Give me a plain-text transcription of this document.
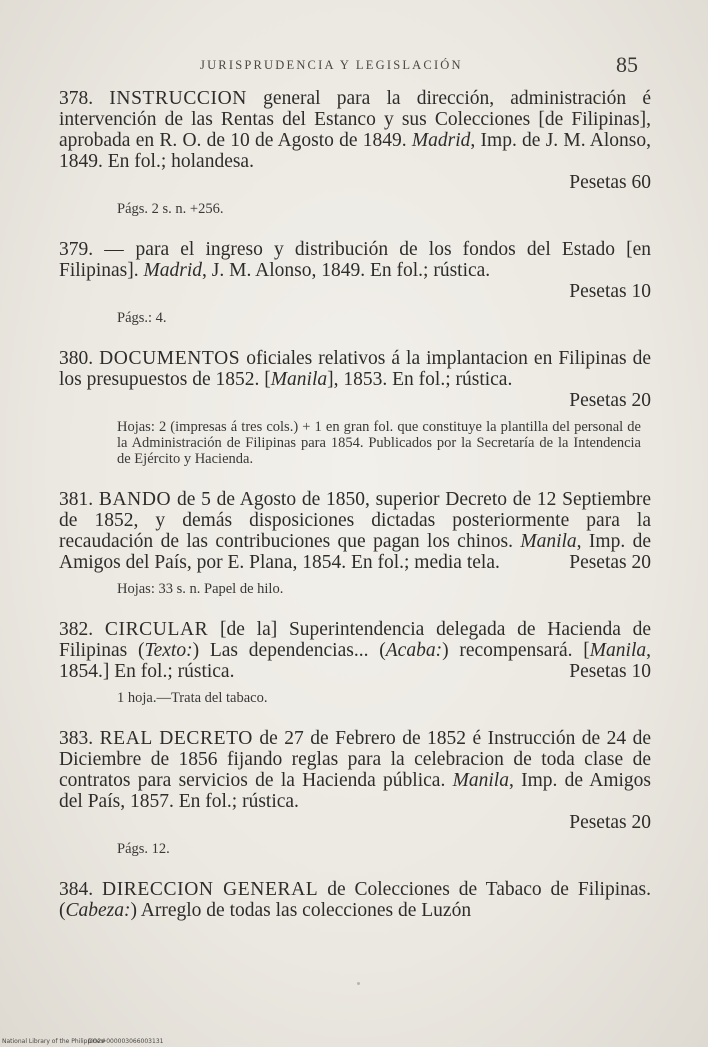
JURISPRUDENCIA Y LEGISLACIÓN	85

378. INSTRUCCION general para la dirección, administración é intervención de las Rentas del Estanco y sus Colecciones [de Filipinas], aprobada en R. O. de 10 de Agosto de 1849. Madrid, Imp. de J. M. Alonso, 1849. En fol.; holandesa.
Pesetas 60

Págs. 2 s. n. +256.

379. — para el ingreso y distribución de los fondos del Estado [en Filipinas]. Madrid, J. M. Alonso, 1849. En fol.; rústica.
Pesetas 10

Págs.: 4.

380. DOCUMENTOS oficiales relativos á la implantacion en Filipinas de los presupuestos de 1852. [Manila], 1853. En fol.; rústica.
Pesetas 20

Hojas: 2 (impresas á tres cols.) + 1 en gran fol. que constituye la plantilla del personal de la Administración de Filipinas para 1854. Publicados por la Secretaría de la Intendencia de Ejército y Hacienda.

381. BANDO de 5 de Agosto de 1850, superior Decreto de 12 Septiembre de 1852, y demás disposiciones dictadas posteriormente para la recaudación de las contribuciones que pagan los chinos. Manila, Imp. de Amigos del País, por E. Plana, 1854. En fol.; media tela.	Pesetas 20

Hojas: 33 s. n. Papel de hilo.

382. CIRCULAR [de la] Superintendencia delegada de Hacienda de Filipinas (Texto:) Las dependencias... (Acaba:) recompensará. [Manila, 1854.] En fol.; rústica.	Pesetas 10

1 hoja.—Trata del tabaco.

383. REAL DECRETO de 27 de Febrero de 1852 é Instrucción de 24 de Diciembre de 1856 fijando reglas para la celebracion de toda clase de contratos para servicios de la Hacienda pública. Manila, Imp. de Amigos del País, 1857. En fol.; rústica.
Pesetas 20

Págs. 12.

384. DIRECCION GENERAL de Colecciones de Tabaco de Filipinas. (Cabeza:) Arreglo de todas las colecciones de Luzón

National Library of the Philippines
DO2#000003066003131
